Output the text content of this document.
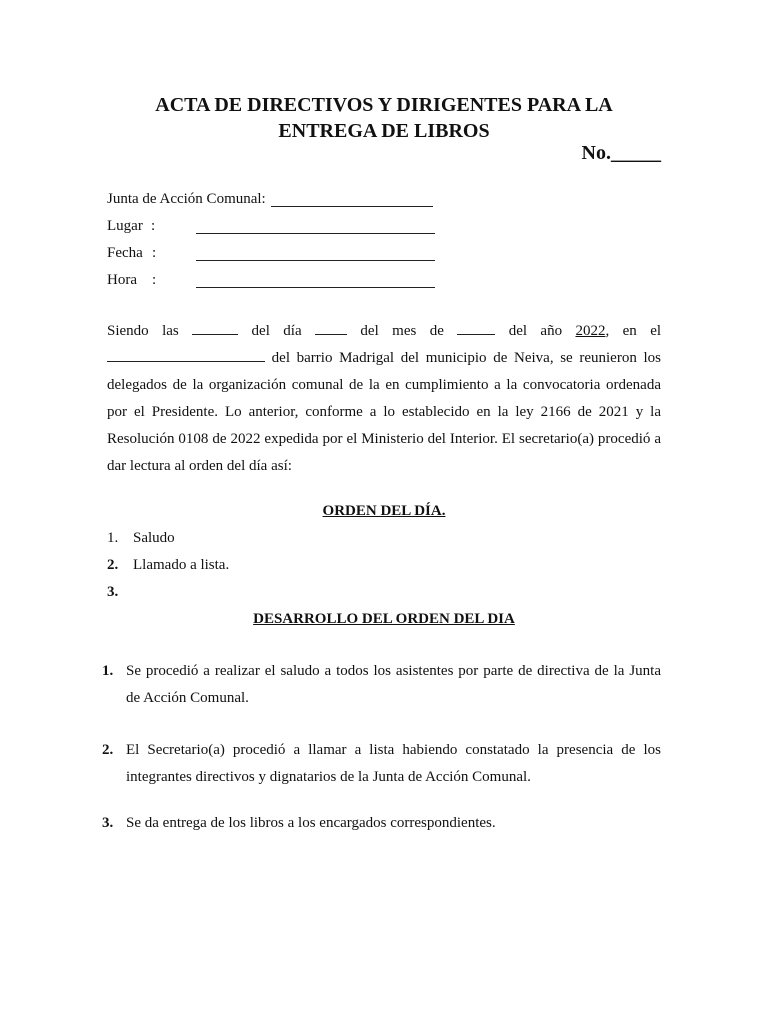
ACTA DE DIRECTIVOS Y DIRIGENTES PARA LA
ENTREGA DE LIBROS
No._____
Junta de Acción Comunal:
Lugar :
Fecha :
Hora :
Siendo las	del día	del mes de	del año 2022, en el
del barrio Madrigal del municipio de Neiva, se reunieron los
delegados de la organización comunal de la en cumplimiento a la convocatoria ordenada
por el Presidente. Lo anterior, conforme a lo establecido en la ley 2166 de 2021 y la
Resolución 0108 de 2022 expedida por el Ministerio del Interior. El secretario(a) procedió a
dar lectura al orden del día así:
ORDEN DEL DÍA.
1. Saludo
2. Llamado a lista.
3.
DESARROLLO DEL ORDEN DEL DIA
1. Se procedió a realizar el saludo a todos los asistentes por parte de directiva de la Junta
de Acción Comunal.
2. El Secretario(a) procedió a llamar a lista habiendo constatado la presencia de los
integrantes directivos y dignatarios de la Junta de Acción Comunal.
3. Se da entrega de los libros a los encargados correspondientes.
